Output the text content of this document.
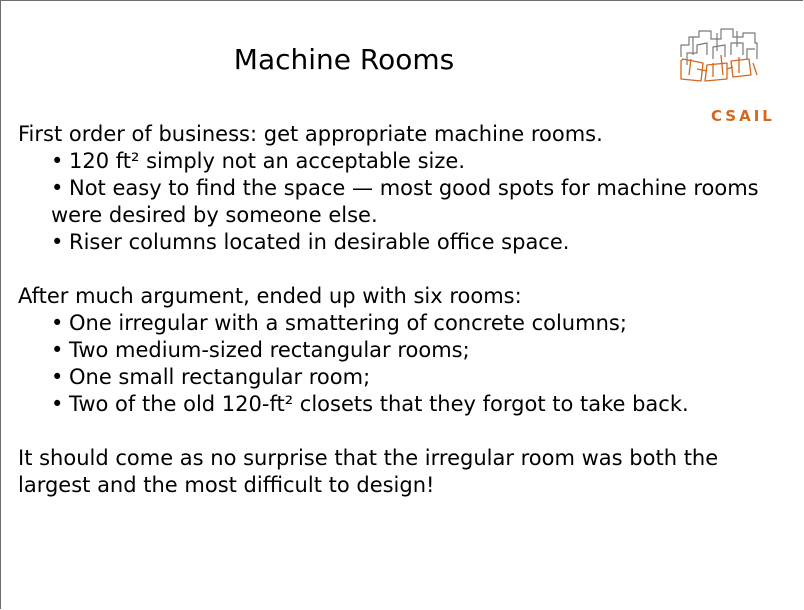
Machine Rooms
CSAIL

First order of business: get appropriate machine rooms.

• 120 ft² simply not an acceptable size.
• Not easy to find the space — most good spots for machine rooms were desired by someone else.
• Riser columns located in desirable office space.

After much argument, ended up with six rooms:

• One irregular with a smattering of concrete columns;
• Two medium-sized rectangular rooms;
• One small rectangular room;
• Two of the old 120-ft² closets that they forgot to take back.

It should come as no surprise that the irregular room was both the largest and the most difficult to design!
